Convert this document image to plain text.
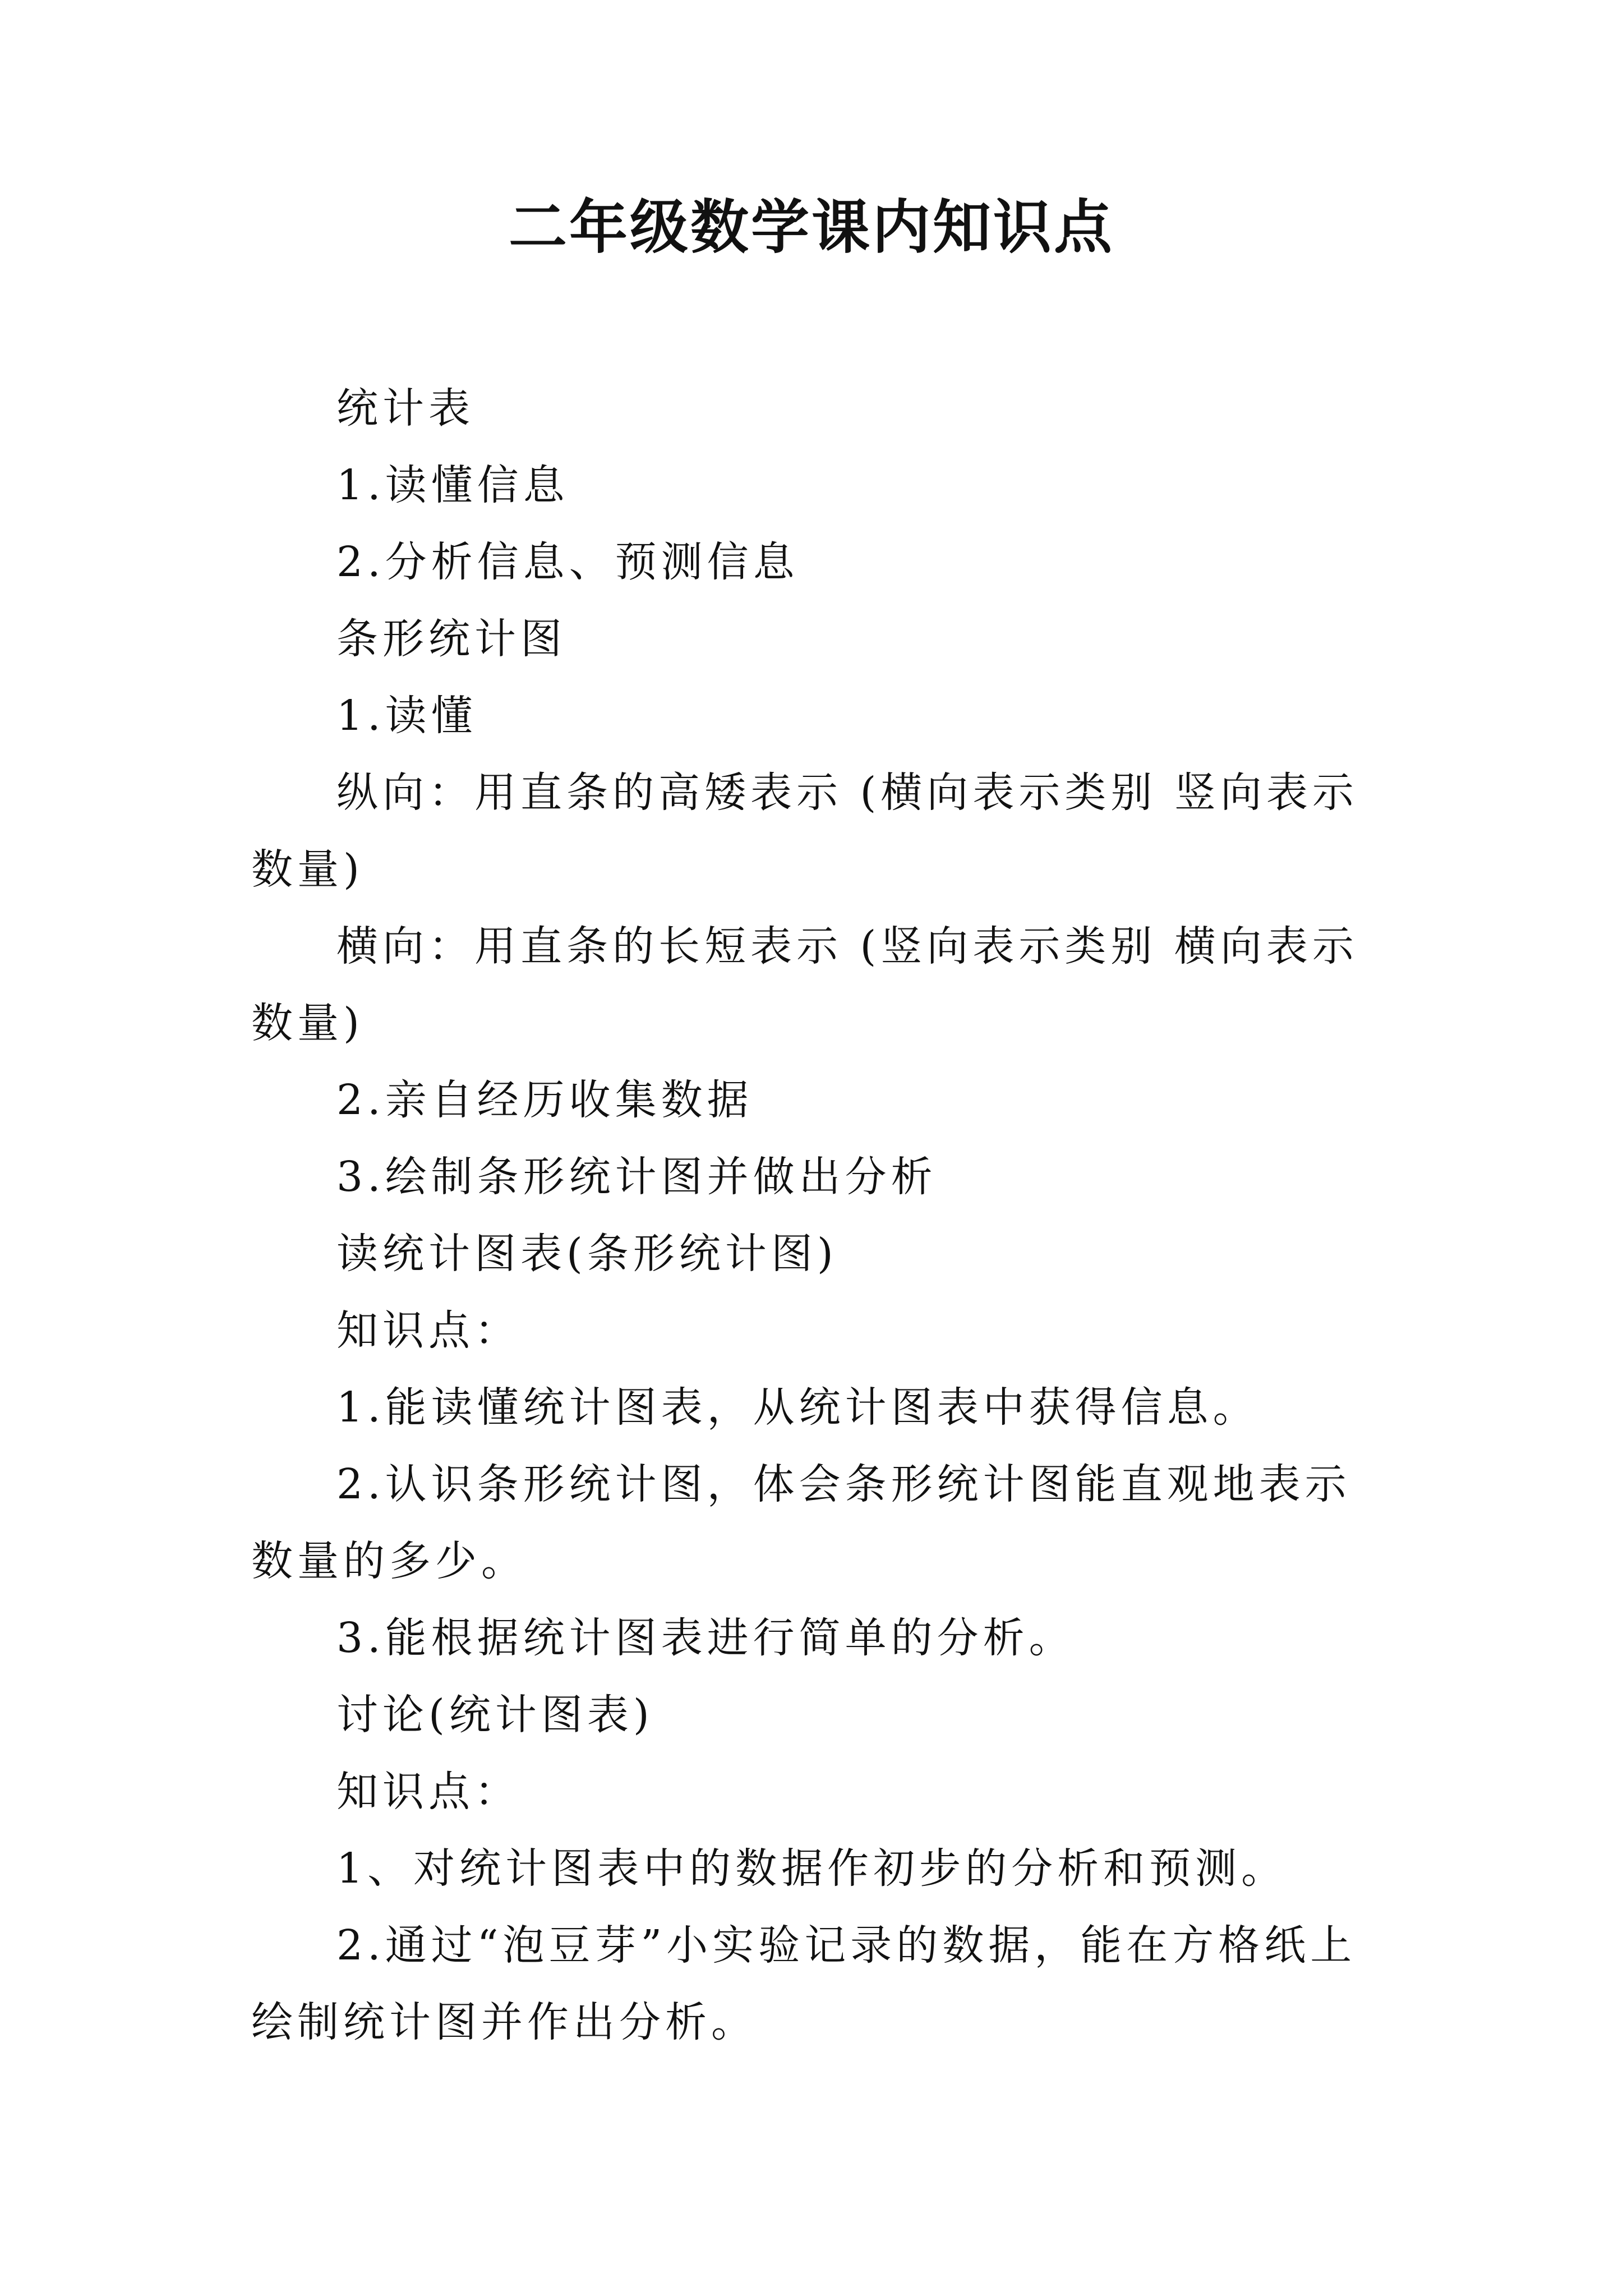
二年级数学课内知识点

统计表

1.读懂信息

2.分析信息、预测信息

条形统计图

1.读懂

纵向：用直条的高矮表示 (横向表示类别 竖向表示数量)

横向：用直条的长短表示 (竖向表示类别 横向表示数量)

2.亲自经历收集数据

3.绘制条形统计图并做出分析

读统计图表(条形统计图)

知识点：

1.能读懂统计图表，从统计图表中获得信息。

2.认识条形统计图，体会条形统计图能直观地表示数量的多少。

3.能根据统计图表进行简单的分析。

讨论(统计图表)

知识点：

1、对统计图表中的数据作初步的分析和预测。

2.通过“泡豆芽”小实验记录的数据，能在方格纸上绘制统计图并作出分析。
